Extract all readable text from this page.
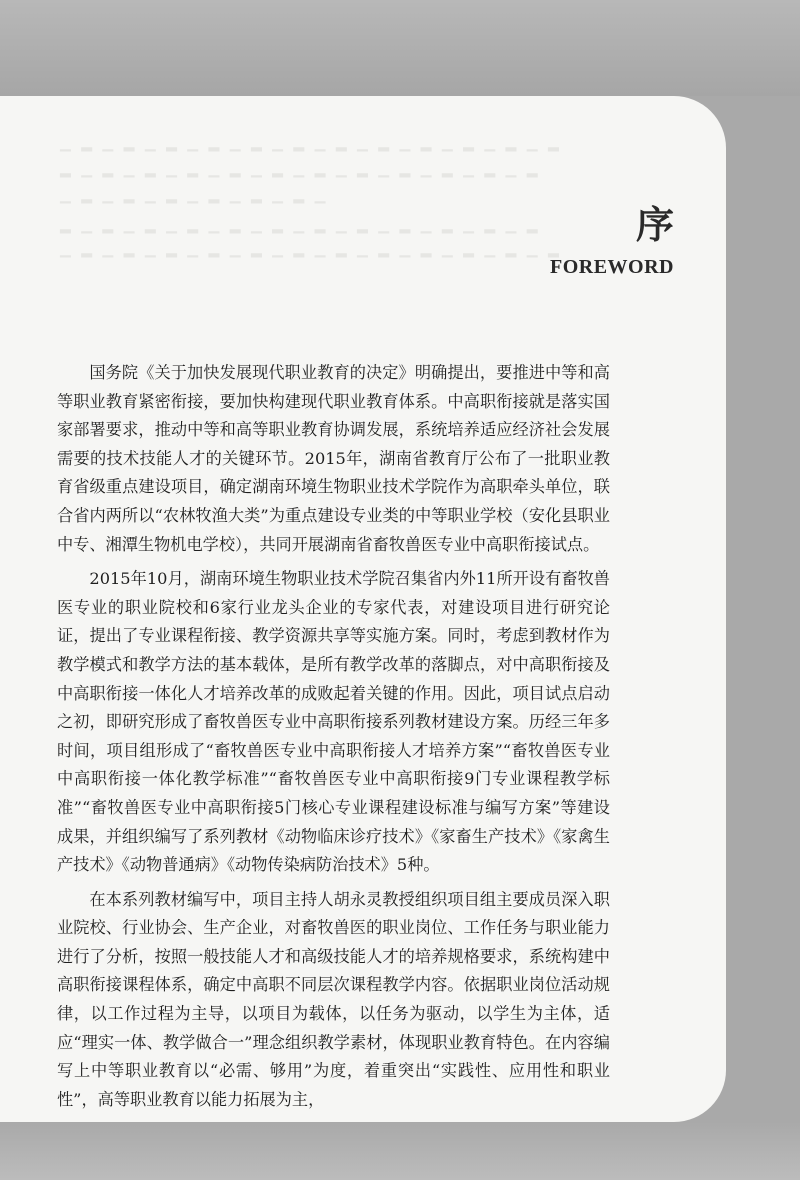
▁ ▂ ▁ ▂ ▁ ▂ ▁ ▂ ▁ ▂ ▁ ▂ ▁ ▂ ▁ ▂ ▁ ▂ ▁ ▂ ▁ ▂ ▁ ▂
▂ ▁ ▂ ▁ ▂ ▁ ▂ ▁ ▂ ▁ ▂ ▁ ▂ ▁ ▂ ▁ ▂ ▁ ▂ ▁ ▂ ▁ ▂
▁ ▂ ▁ ▂ ▁ ▂ ▁ ▂ ▁ ▂ ▁ ▂ ▁
▂ ▁ ▂ ▁ ▂ ▁ ▂ ▁ ▂ ▁ ▂ ▁ ▂ ▁ ▂ ▁ ▂ ▁ ▂ ▁ ▂ ▁ ▂
▁ ▂ ▁ ▂ ▁ ▂ ▁ ▂ ▁ ▂ ▁ ▂ ▁ ▂ ▁ ▂ ▁ ▂ ▁ ▂ ▁ ▂ ▁ ▂
序
FOREWORD

国务院《关于加快发展现代职业教育的决定》明确提出，要推进中等和高等职业教育紧密衔接，要加快构建现代职业教育体系。中高职衔接就是落实国家部署要求，推动中等和高等职业教育协调发展，系统培养适应经济社会发展需要的技术技能人才的关键环节。2015年，湖南省教育厅公布了一批职业教育省级重点建设项目，确定湖南环境生物职业技术学院作为高职牵头单位，联合省内两所以“农林牧渔大类”为重点建设专业类的中等职业学校（安化县职业中专、湘潭生物机电学校），共同开展湖南省畜牧兽医专业中高职衔接试点。

2015年10月，湖南环境生物职业技术学院召集省内外11所开设有畜牧兽医专业的职业院校和6家行业龙头企业的专家代表，对建设项目进行研究论证，提出了专业课程衔接、教学资源共享等实施方案。同时，考虑到教材作为教学模式和教学方法的基本载体，是所有教学改革的落脚点，对中高职衔接及中高职衔接一体化人才培养改革的成败起着关键的作用。因此，项目试点启动之初，即研究形成了畜牧兽医专业中高职衔接系列教材建设方案。历经三年多时间，项目组形成了“畜牧兽医专业中高职衔接人才培养方案”“畜牧兽医专业中高职衔接一体化教学标准”“畜牧兽医专业中高职衔接9门专业课程教学标准”“畜牧兽医专业中高职衔接5门核心专业课程建设标准与编写方案”等建设成果，并组织编写了系列教材《动物临床诊疗技术》《家畜生产技术》《家禽生产技术》《动物普通病》《动物传染病防治技术》5种。

在本系列教材编写中，项目主持人胡永灵教授组织项目组主要成员深入职业院校、行业协会、生产企业，对畜牧兽医的职业岗位、工作任务与职业能力进行了分析，按照一般技能人才和高级技能人才的培养规格要求，系统构建中高职衔接课程体系，确定中高职不同层次课程教学内容。依据职业岗位活动规律，以工作过程为主导，以项目为载体，以任务为驱动，以学生为主体，适应“理实一体、教学做合一”理念组织教学素材，体现职业教育特色。在内容编写上中等职业教育以“必需、够用”为度，着重突出“实践性、应用性和职业性”，高等职业教育以能力拓展为主，
